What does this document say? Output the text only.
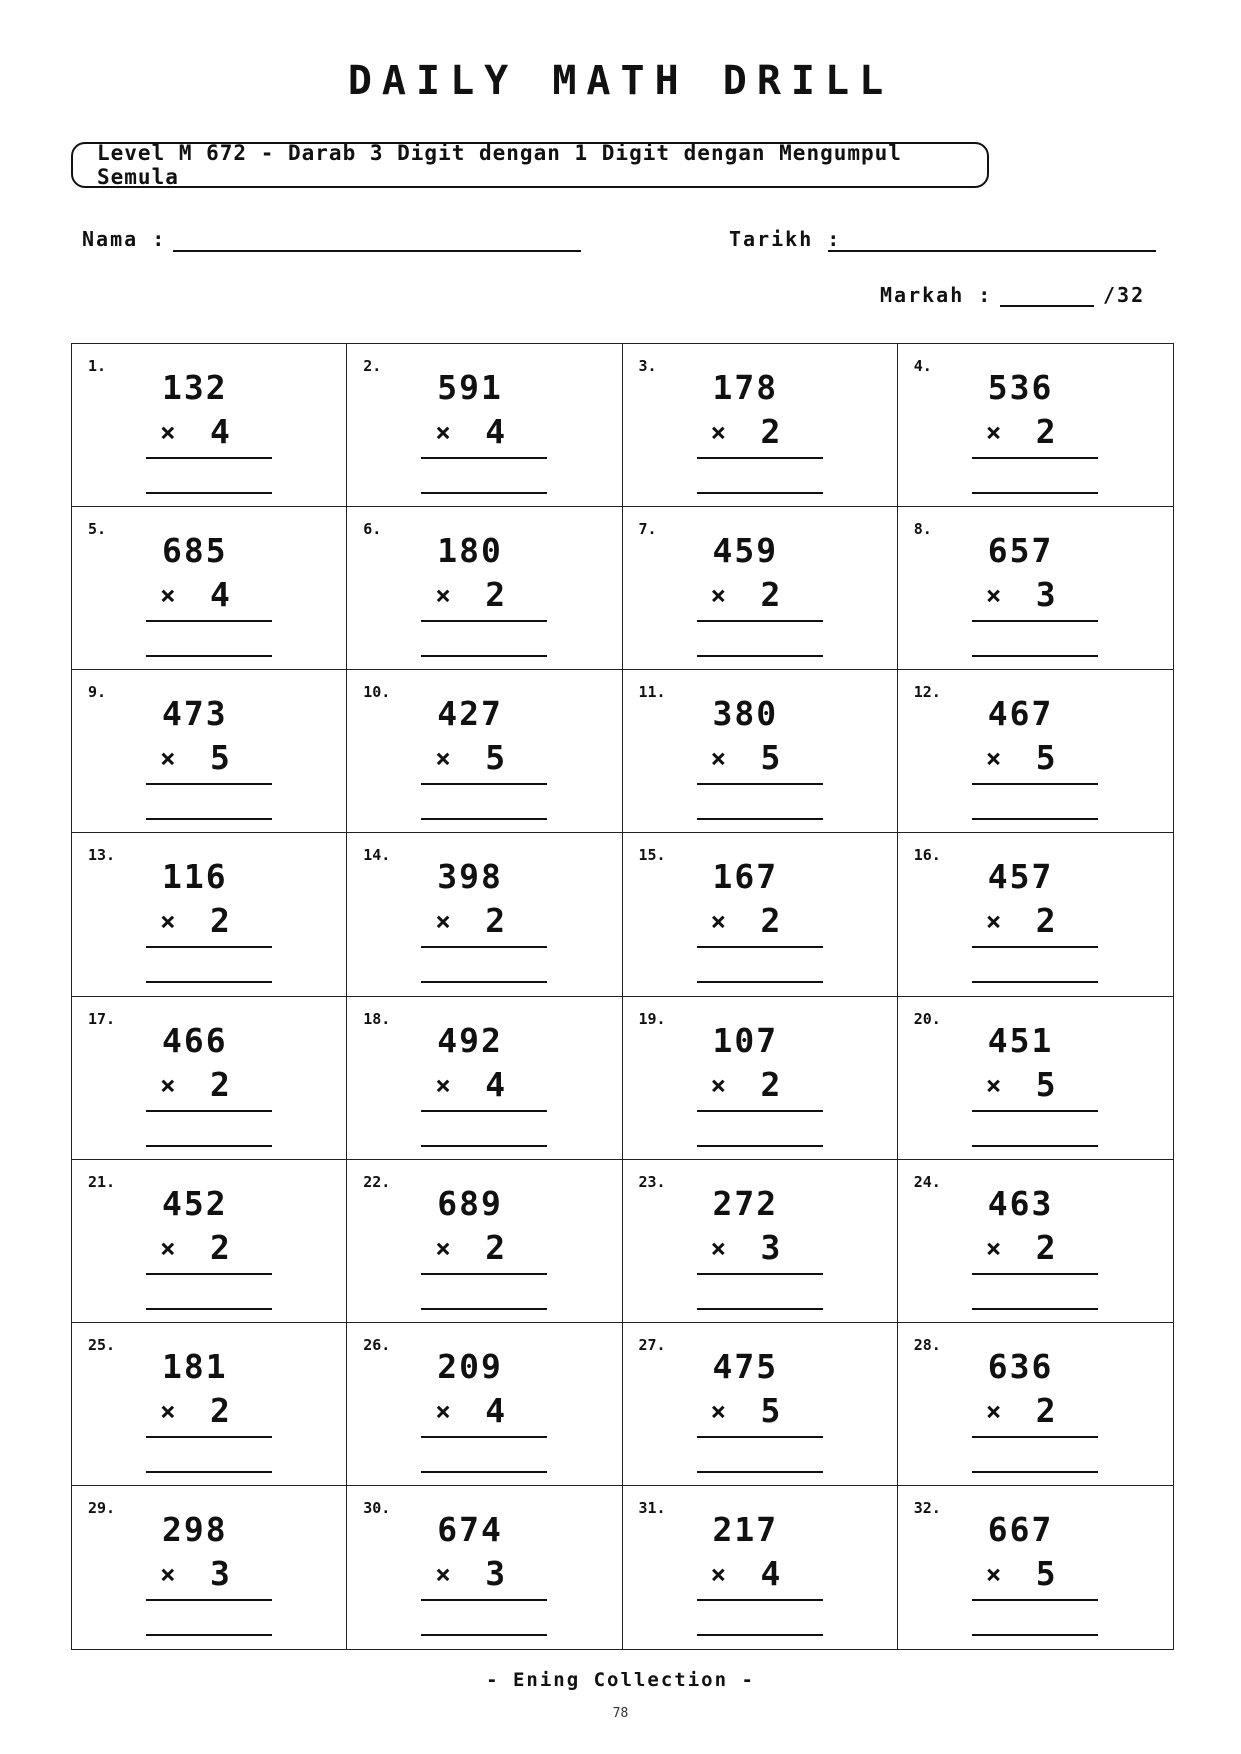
DAILY MATH DRILL
Level M 672 - Darab 3 Digit dengan 1 Digit dengan Mengumpul Semula
Nama :	Tarikh :
Markah :	/32
1.
132
× 4
2.
591
× 4
3.
178
× 2
4.
536
× 2
5.
685
× 4
6.
180
× 2
7.
459
× 2
8.
657
× 3
9.
473
× 5
10.
427
× 5
11.
380
× 5
12.
467
× 5
13.
116
× 2
14.
398
× 2
15.
167
× 2
16.
457
× 2
17.
466
× 2
18.
492
× 4
19.
107
× 2
20.
451
× 5
21.
452
× 2
22.
689
× 2
23.
272
× 3
24.
463
× 2
25.
181
× 2
26.
209
× 4
27.
475
× 5
28.
636
× 2
29.
298
× 3
30.
674
× 3
31.
217
× 4
32.
667
× 5
- Ening Collection -
78
